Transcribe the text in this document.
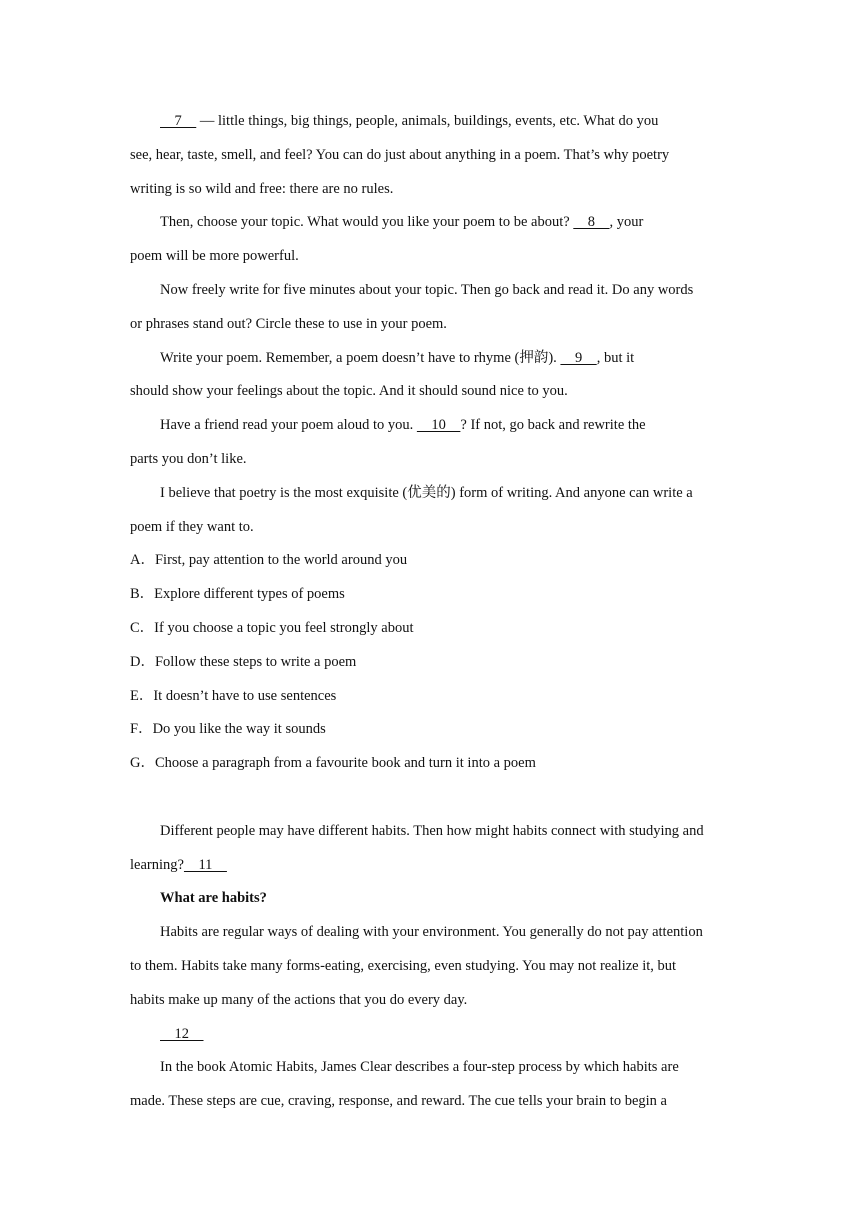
7     — little things, big things, people, animals, buildings, events, etc. What do you
see, hear, taste, smell, and feel? You can do just about anything in a poem. That’s why poetry
writing is so wild and free: there are no rules.
Then, choose your topic. What would you like your poem to be about?     8    , your
poem will be more powerful.
Now freely write for five minutes about your topic. Then go back and read it. Do any words
or phrases stand out? Circle these to use in your poem.
Write your poem. Remember, a poem doesn’t have to rhyme (押韵).     9    , but it
should show your feelings about the topic. And it should sound nice to you.
Have a friend read your poem aloud to you.     10    ? If not, go back and rewrite the
parts you don’t like.
I believe that poetry is the most exquisite (优美的) form of writing. And anyone can write a
poem if they want to.
A．First, pay attention to the world around you
B．Explore different types of poems
C．If you choose a topic you feel strongly about
D．Follow these steps to write a poem
E．It doesn’t have to use sentences
F．Do you like the way it sounds
G．Choose a paragraph from a favourite book and turn it into a poem
Different people may have different habits. Then how might habits connect with studying and
learning?    11
What are habits?
Habits are regular ways of dealing with your environment. You generally do not pay attention
to them. Habits take many forms-eating, exercising, even studying. You may not realize it, but
habits make up many of the actions that you do every day.
12
In the book Atomic Habits, James Clear describes a four-step process by which habits are
made. These steps are cue, craving, response, and reward. The cue tells your brain to begin a
